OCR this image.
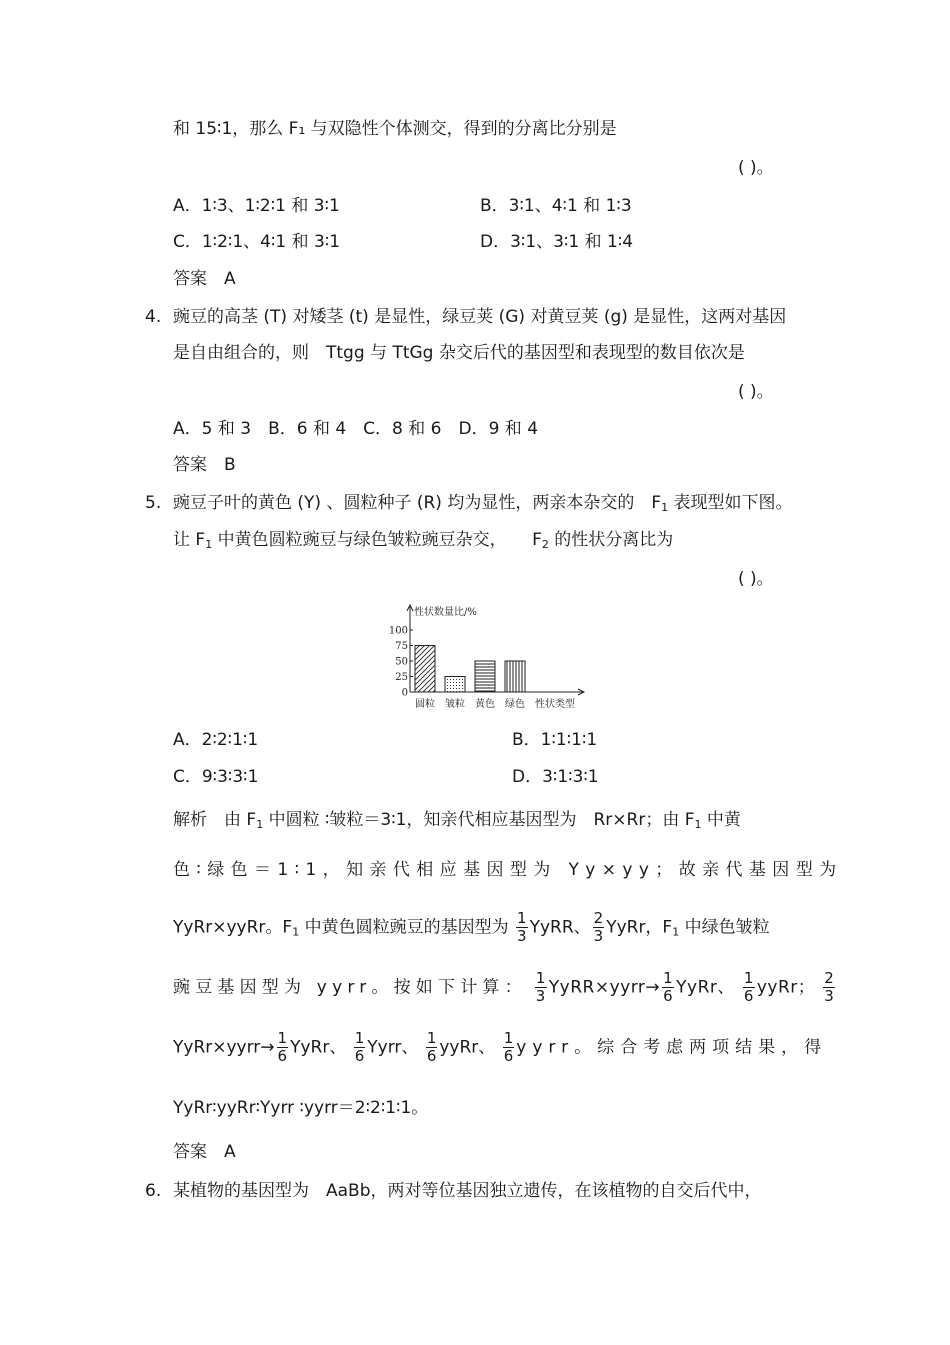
和 15∶1，那么 F₁ 与双隐性个体测交，得到的分离比分别是
( )。
A．1∶3、1∶2∶1 和 3∶1	B．3∶1、4∶1 和 1∶3
C．1∶2∶1、4∶1 和 3∶1	D．3∶1、3∶1 和 1∶4
答案　A
4. 豌豆的高茎 (T) 对矮茎 (t) 是显性，绿豆荚 (G) 对黄豆荚 (g) 是显性，这两对基因
是自由组合的，则　Ttgg 与 TtGg 杂交后代的基因型和表现型的数目依次是
( )。
A．5 和 3　B．6 和 4　C．8 和 6　D．9 和 4
答案　B
5. 豌豆子叶的黄色 (Y) 、圆粒种子 (R) 均为显性，两亲本杂交的　$F_1$ 表现型如下图。
让 $F_1$ 中黄色圆粒豌豆与绿色皱粒豌豆杂交，　　$F_2$ 的性状分离比为
( )。
性状数量比/%
100
75
50
25
0
圆粒 皱粒 黄色 绿色 性状类型
A．2∶2∶1∶1	B．1∶1∶1∶1
C．9∶3∶3∶1	D．3∶1∶3∶1
解析　由 $F_1$ 中圆粒 ∶皱粒＝3∶1，知亲代相应基因型为　Rr×Rr；由 $F_1$ 中黄
色∶绿色＝1∶1，知亲代相应基因型为 Yy×yy；故亲代基因型为
YyRr×yyRr。$F_1$ 中黄色圆粒豌豆的基因型为 $\frac{1}{3}$ YyRR、 $\frac{2}{3}$ YyRr，$F_1$ 中绿色皱粒
豌豆基因型为 yyrr。按如下计算： $\frac{1}{3}$ YyRR×yyrr→ $\frac{1}{6}$ YyRr、 $\frac{1}{6}$ yyRr； $\frac{2}{3}$
YyRr×yyrr→ $\frac{1}{6}$ YyRr、 $\frac{1}{6}$ Yyrr、 $\frac{1}{6}$ yyRr、 $\frac{1}{6}$ yyrr。综合考虑两项结果，得
YyRr∶yyRr∶Yyrr ∶yyrr＝2∶2∶1∶1。
答案　A
6. 某植物的基因型为　AaBb，两对等位基因独立遗传，在该植物的自交后代中，
